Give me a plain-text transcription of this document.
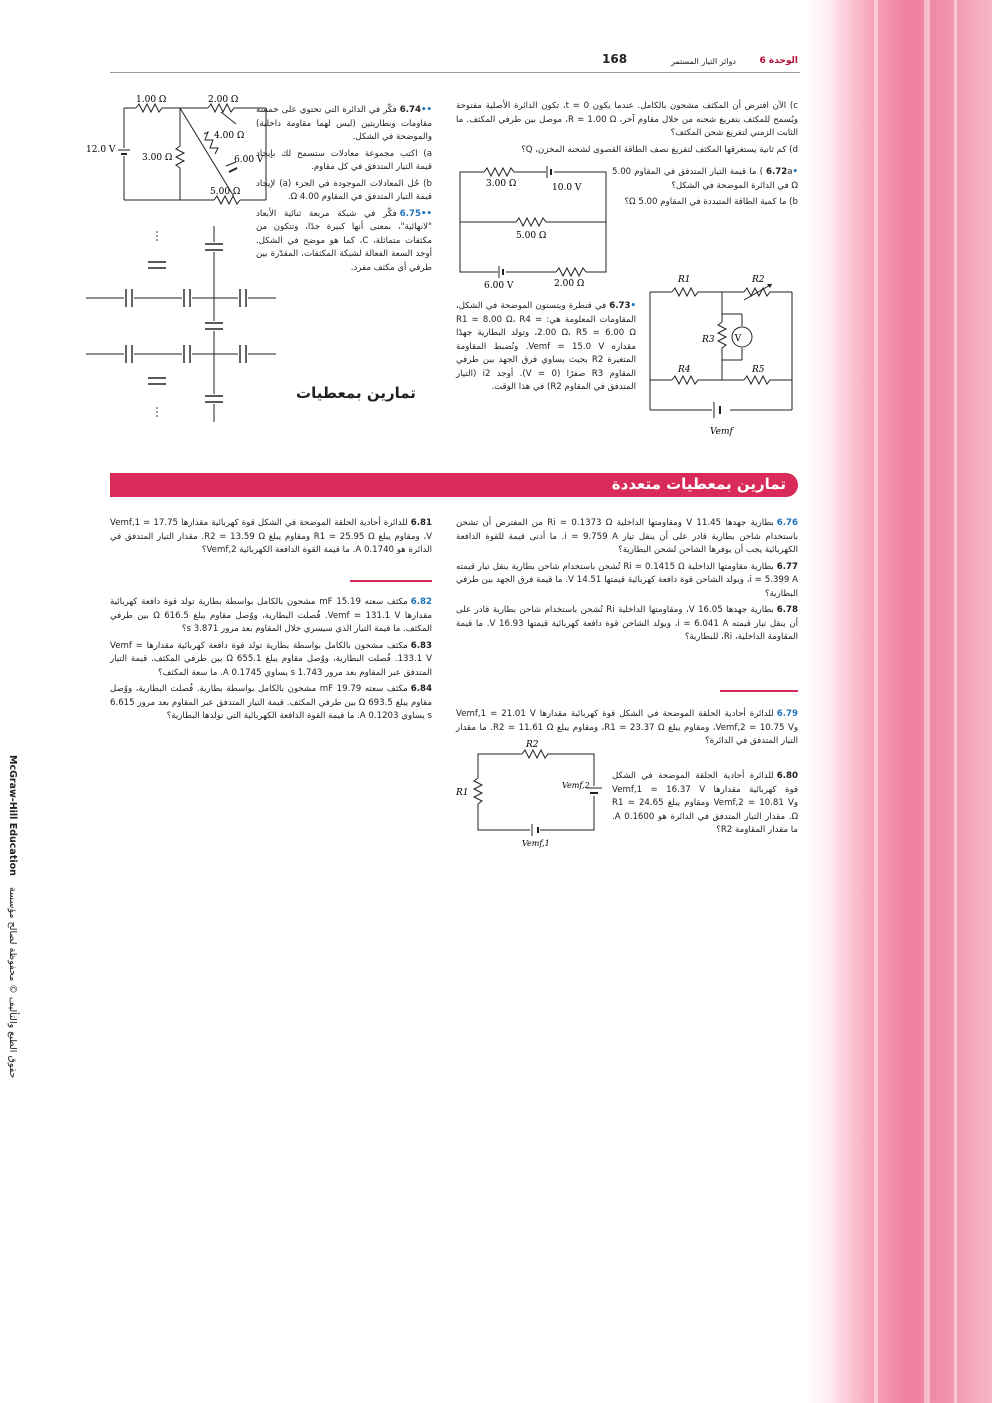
168	الوحدة 6
دوائر التيار المستمر

c) الآن افترض أن المكثف مشحون بالكامل. عندما يكون t = 0، تكون الدائرة الأصلية مفتوحة ويُسمح للمكثف بتفريغ شحنه من خلال مقاوم آخر، R = 1.00 Ω، موصل بين طرفي المكثف. ما الثابت الزمني لتفريغ شحن المكثف؟

d) كم ثانية يستغرقها المكثف لتفريغ نصف الطاقة القصوى لشحنه المخزن، Q؟

•6.72a) ما قيمة التيار المتدفق في المقاوم 5.00 Ω في الدائرة الموضحة في الشكل؟

b) ما كمية الطاقة المتبددة في المقاوم 5.00 Ω؟

•6.73في قنطرة ويتستون الموضحة في الشكل، المقاومات المعلومة هي: R1 = 8.00 Ω، R4 = 2.00 Ω، R5 = 6.00 Ω، وتولد البطارية جهدًا مقداره Vemf = 15.0 V. وتُضبط المقاومة المتغيرة R2 بحيث يساوي فرق الجهد بين طرفي المقاوم R3 صفرًا (V = 0). أوجد i2 (التيار المتدفق في المقاوم R2) في هذا الوقت.

3.00 Ω	10.0 V
5.00 Ω
6.00 V	2.00 Ω	R1	R2
R3 V
R4	R5
Vemf
1.00 Ω	2.00 Ω
4.00 Ω
3.00 Ω
12.0 V
6.00 V
5.00 Ω

••6.74فكّر في الدائرة التي تحتوي على خمسة مقاومات وبطاريتين (ليس لهما مقاومة داخلية) والموضحة في الشكل.

a) اكتب مجموعة معادلات ستسمح لك بإيجاد قيمة التيار المتدفق في كل مقاوم.

b) حُل المعادلات الموجودة في الجزء (a) لإيجاد قيمة التيار المتدفق في المقاوم 4.00 Ω.

••6.75فكّر في شبكة مربعة ثنائية الأبعاد "لانهائية"، بمعنى أنها كبيرة جدًا، وتتكون من مكثفات متماثلة، C، كما هو موضح في الشكل. أوجد السعة الفعالة لشبكة المكثفات، المقدّرة بين طرفي أي مكثف مفرد.

تمارين بمعطيات
تمارين بمعطيات متعددة

6.76بطارية جهدها 11.45 V ومقاومتها الداخلية Ri = 0.1373 Ω من المفترض أن تشحن باستخدام شاحن بطارية قادر على أن ينقل تيار i = 9.759 A. ما أدنى قيمة للقوة الدافعة الكهربائية يجب أن يوفرها الشاحن لشحن البطارية؟

6.77بطارية مقاومتها الداخلية Ri = 0.1415 Ω تُشحن باستخدام شاحن بطارية ينقل تيار قيمته i = 5.399 A، ويولد الشاحن قوة دافعة كهربائية قيمتها 14.51 V. ما قيمة فرق الجهد بين طرفي البطارية؟

6.78بطارية جهدها 16.05 V، ومقاومتها الداخلية Ri تُشحن باستخدام شاحن بطارية قادر على أن ينقل تيار قيمته i = 6.041 A، ويولد الشاحن قوة دافعة كهربائية قيمتها 16.93 V. ما قيمة المقاومة الداخلية، Ri، للبطارية؟

6.79للدائرة أحادية الحلقة الموضحة في الشكل قوة كهربائية مقدارها Vemf,1 = 21.01 V وVemf,2 = 10.75 V، ومقاوم يبلغ R1 = 23.37 Ω، ومقاوم يبلغ R2 = 11.61 Ω. ما مقدار التيار المتدفق في الدائرة؟

6.80للدائرة أحادية الحلقة الموضحة في الشكل قوة كهربائية مقدارها Vemf,1 = 16.37 V وVemf,2 = 10.81 V ومقاوم يبلغ R1 = 24.65 Ω. مقدار التيار المتدفق في الدائرة هو 0.1600 A. ما مقدار المقاومة R2؟

R2
R1
Vemf,2
Vemf,1

6.81للدائرة أحادية الحلقة الموضحة في الشكل قوة كهربائية مقدارها Vemf,1 = 17.75 V، ومقاوم يبلغ R1 = 25.95 Ω ومقاوم يبلغ R2 = 13.59 Ω. مقدار التيار المتدفق في الدائرة هو 0.1740 A. ما قيمة القوة الدافعة الكهربائية Vemf,2؟

6.82مكثف سعته 15.19 mF مشحون بالكامل بواسطة بطارية تولد قوة دافعة كهربائية مقدارها Vemf = 131.1 V. فُصلت البطارية، ووُصل مقاوم يبلغ 616.5 Ω بين طرفي المكثف. ما قيمة التيار الذي سيسري خلال المقاوم بعد مرور 3.871 s؟

6.83مكثف مشحون بالكامل بواسطة بطارية تولد قوة دافعة كهربائية مقدارها Vemf = 133.1 V. فُصلت البطارية، ووُصل مقاوم يبلغ 655.1 Ω بين طرفي المكثف. قيمة التيار المتدفق عبر المقاوم بعد مرور 1.743 s يساوي 0.1745 A. ما سعة المكثف؟

6.84مكثف سعته 19.79 mF مشحون بالكامل بواسطة بطارية. فُصلت البطارية، ووُصل مقاوم يبلغ 693.5 Ω بين طرفي المكثف. قيمة التيار المتدفق عبر المقاوم بعد مرور 6.615 s يساوي 0.1203 A. ما قيمة القوة الدافعة الكهربائية التي تولدها البطارية؟

McGraw-Hill Education حقوق الطبع والتأليف © محفوظة لصالح مؤسسة
